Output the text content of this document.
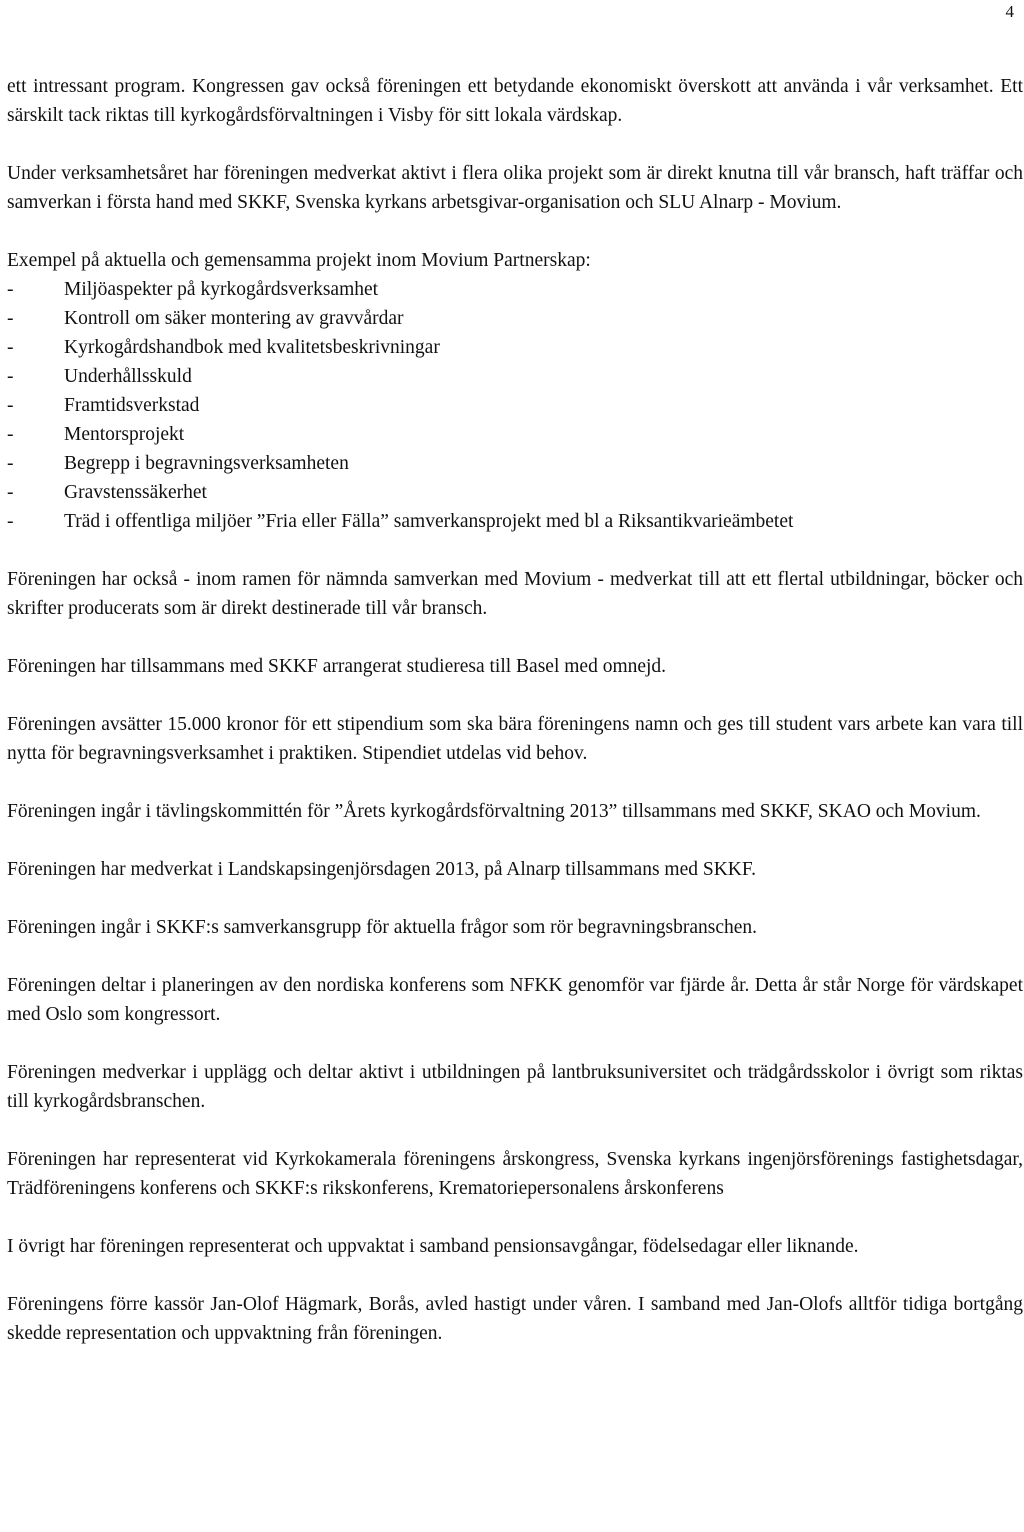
4

ett intressant program. Kongressen gav också föreningen ett betydande ekonomiskt överskott att använda i vår verksamhet. Ett särskilt tack riktas till kyrkogårdsförvaltningen i Visby för sitt lokala värdskap.

Under verksamhetsåret har föreningen medverkat aktivt i flera olika projekt som är direkt knutna till vår bransch, haft träffar och samverkan i första hand med SKKF, Svenska kyrkans arbetsgivar-organisation och SLU Alnarp - Movium.

Exempel på aktuella och gemensamma projekt inom Movium Partnerskap:

-	Miljöaspekter på kyrkogårdsverksamhet
-	Kontroll om säker montering av gravvårdar
-	Kyrkogårdshandbok med kvalitetsbeskrivningar
-	Underhållsskuld
-	Framtidsverkstad
-	Mentorsprojekt
-	Begrepp i begravningsverksamheten
-	Gravstenssäkerhet
-	Träd i offentliga miljöer ”Fria eller Fälla” samverkansprojekt med bl a Riksantikvarieämbetet

Föreningen har också - inom ramen för nämnda samverkan med Movium - medverkat till att ett flertal utbildningar, böcker och skrifter producerats som är direkt destinerade till vår bransch.

Föreningen har tillsammans med SKKF arrangerat studieresa till Basel med omnejd.

Föreningen avsätter 15.000 kronor för ett stipendium som ska bära föreningens namn och ges till student vars arbete kan vara till nytta för begravningsverksamhet i praktiken. Stipendiet utdelas vid behov.

Föreningen ingår i tävlingskommittén för ”Årets kyrkogårdsförvaltning 2013” tillsammans med SKKF, SKAO och Movium.

Föreningen har medverkat i Landskapsingenjörsdagen 2013, på Alnarp tillsammans med SKKF.

Föreningen ingår i SKKF:s samverkansgrupp för aktuella frågor som rör begravningsbranschen.

Föreningen deltar i planeringen av den nordiska konferens som NFKK genomför var fjärde år. Detta år står Norge för värdskapet med Oslo som kongressort.

Föreningen medverkar i upplägg och deltar aktivt i utbildningen på lantbruksuniversitet och trädgårdsskolor i övrigt som riktas till kyrkogårdsbranschen.

Föreningen har representerat vid Kyrkokamerala föreningens årskongress, Svenska kyrkans ingenjörsförenings fastighetsdagar, Trädföreningens konferens och SKKF:s rikskonferens, Krematoriepersonalens årskonferens

I övrigt har föreningen representerat och uppvaktat i samband pensionsavgångar, födelsedagar eller liknande.

Föreningens förre kassör Jan-Olof Hägmark, Borås, avled hastigt under våren. I samband med Jan-Olofs alltför tidiga bortgång skedde representation och uppvaktning från föreningen.
